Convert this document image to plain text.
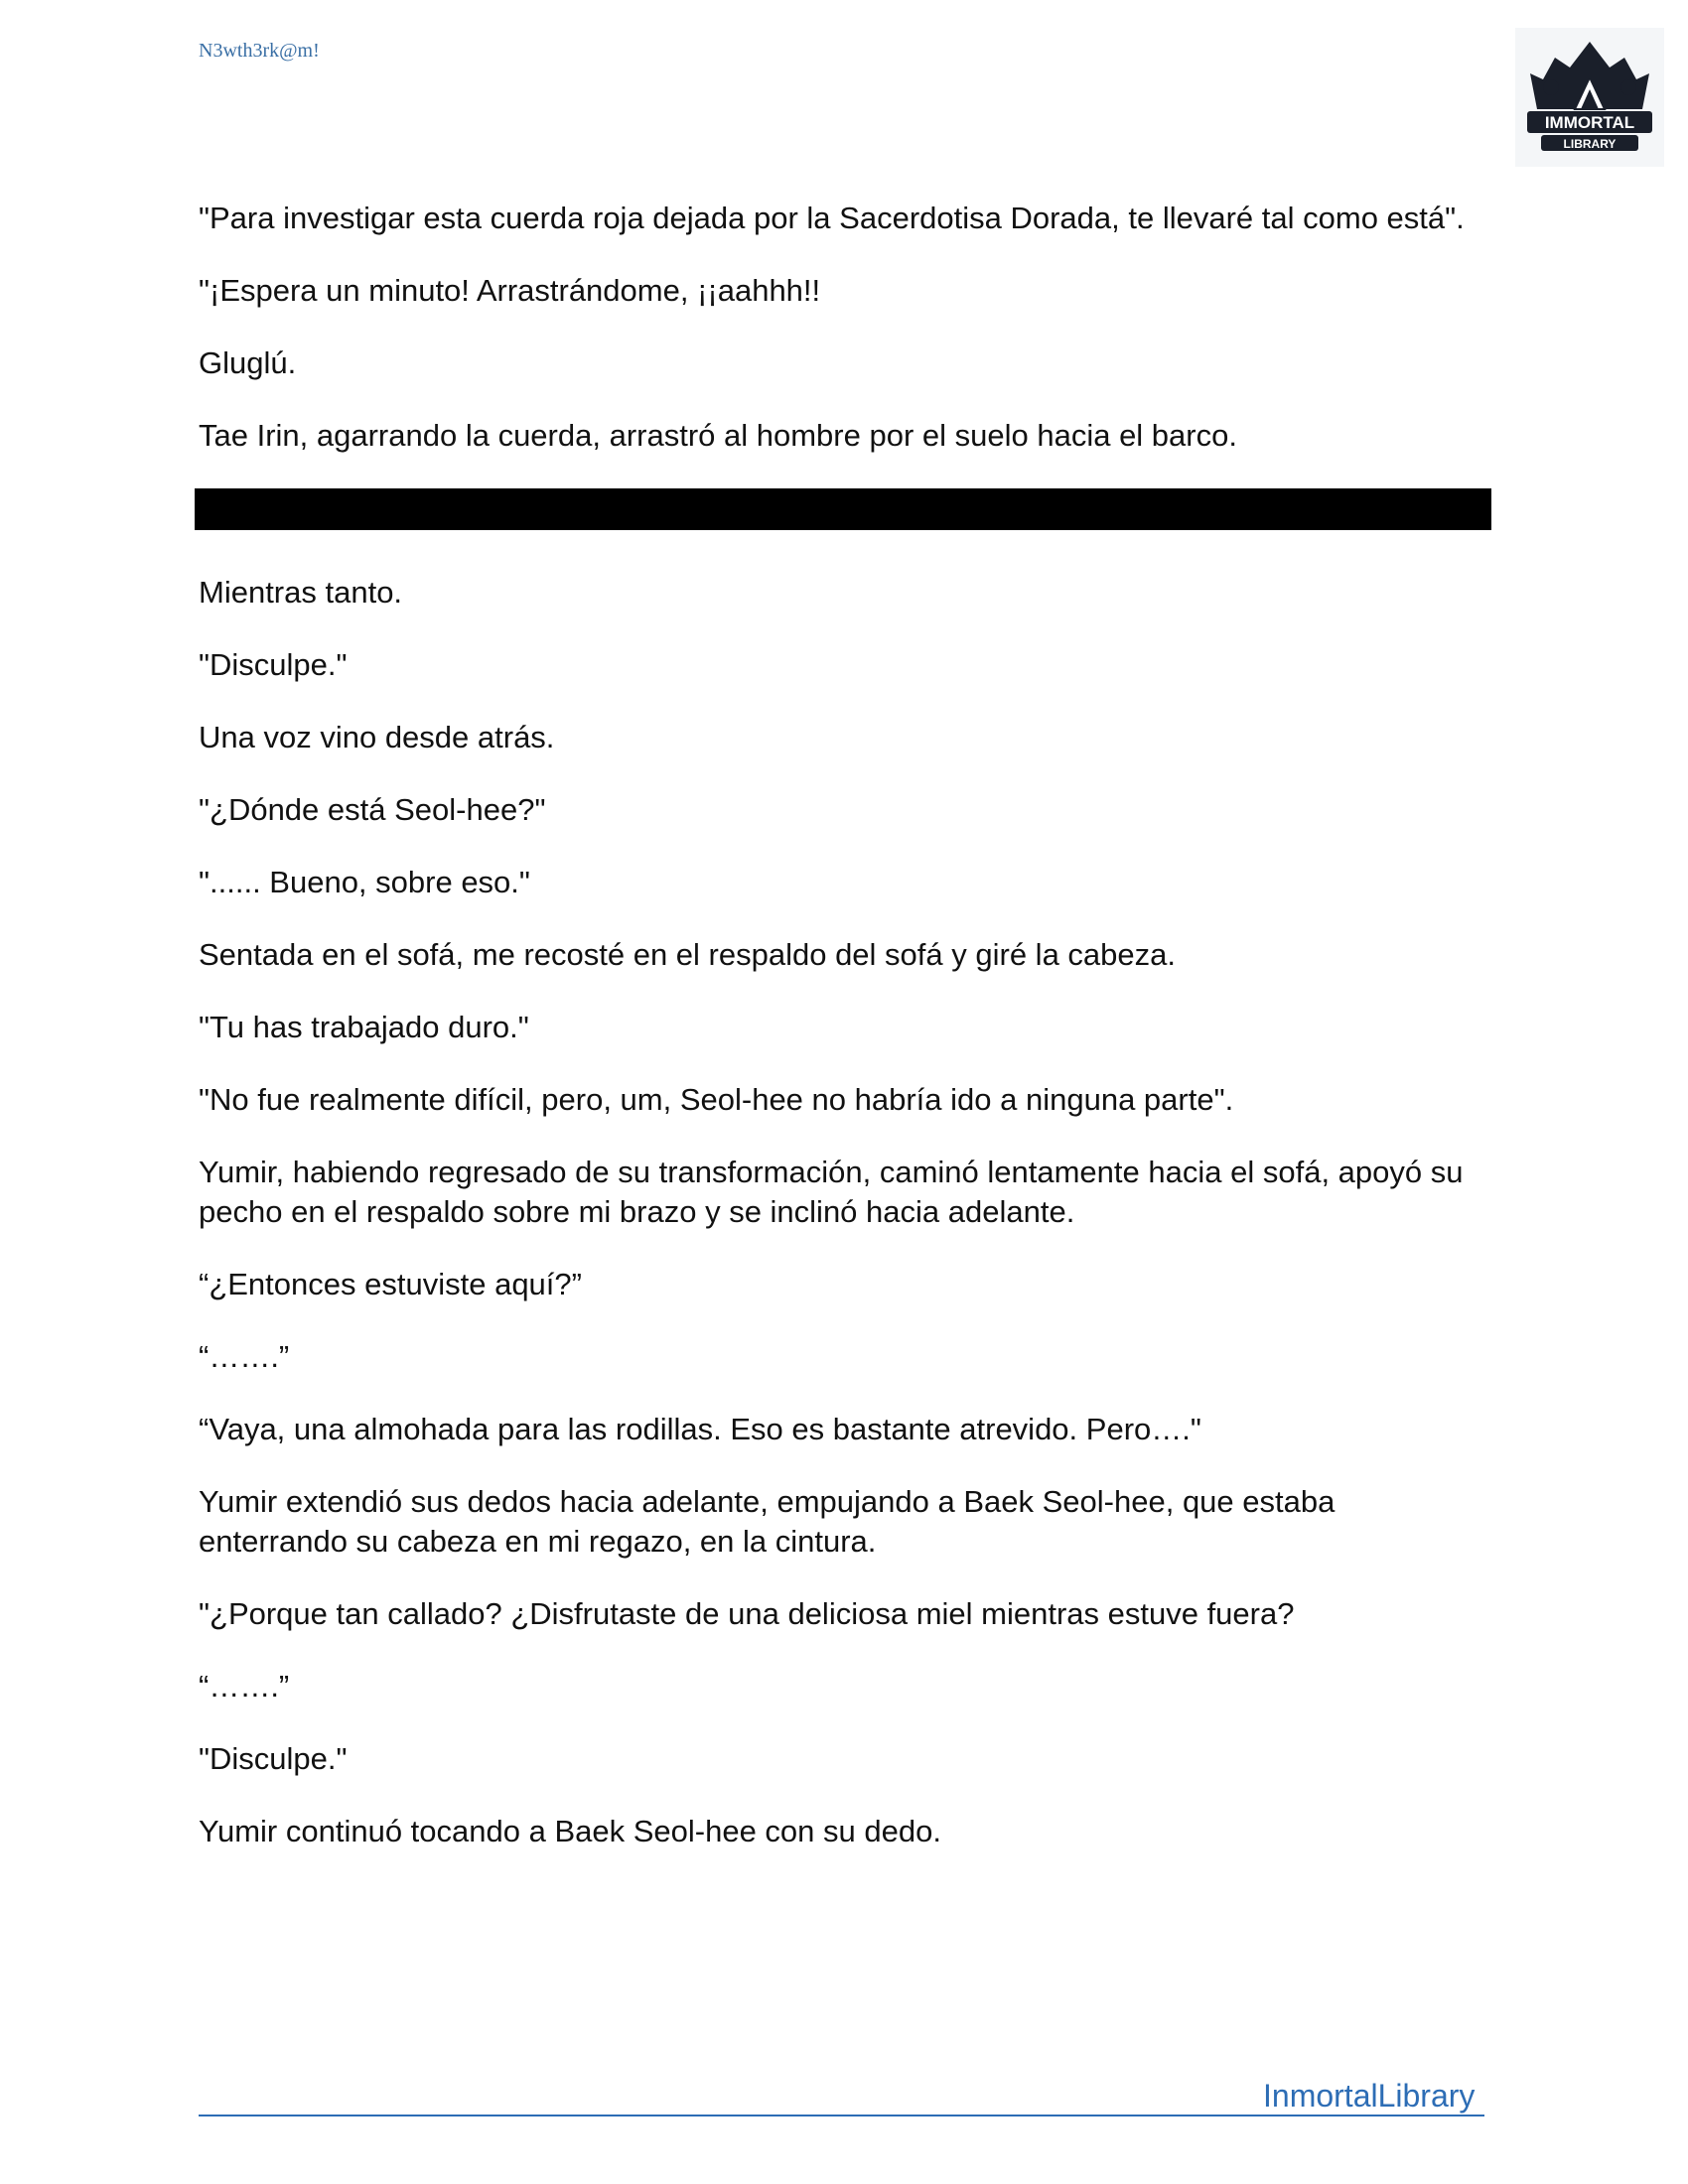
N3wth3rk@m!
IMMORTAL
LIBRARY

"Para investigar esta cuerda roja dejada por la Sacerdotisa Dorada, te llevaré tal como está".

"¡Espera un minuto! Arrastrándome, ¡¡aahhh!!

Gluglú.

Tae Irin, agarrando la cuerda, arrastró al hombre por el suelo hacia el barco.

Mientras tanto.

"Disculpe."

Una voz vino desde atrás.

"¿Dónde está Seol-hee?"

"...... Bueno, sobre eso."

Sentada en el sofá, me recosté en el respaldo del sofá y giré la cabeza.

"Tu has trabajado duro."

"No fue realmente difícil, pero, um, Seol-hee no habría ido a ninguna parte".

Yumir, habiendo regresado de su transformación, caminó lentamente hacia el sofá, apoyó su pecho en el respaldo sobre mi brazo y se inclinó hacia adelante.

“¿Entonces estuviste aquí?”

“…….”

“Vaya, una almohada para las rodillas. Eso es bastante atrevido. Pero…."

Yumir extendió sus dedos hacia adelante, empujando a Baek Seol-hee, que estaba enterrando su cabeza en mi regazo, en la cintura.

"¿Porque tan callado? ¿Disfrutaste de una deliciosa miel mientras estuve fuera?

“…….”

"Disculpe."

Yumir continuó tocando a Baek Seol-hee con su dedo.

InmortalLibrary
